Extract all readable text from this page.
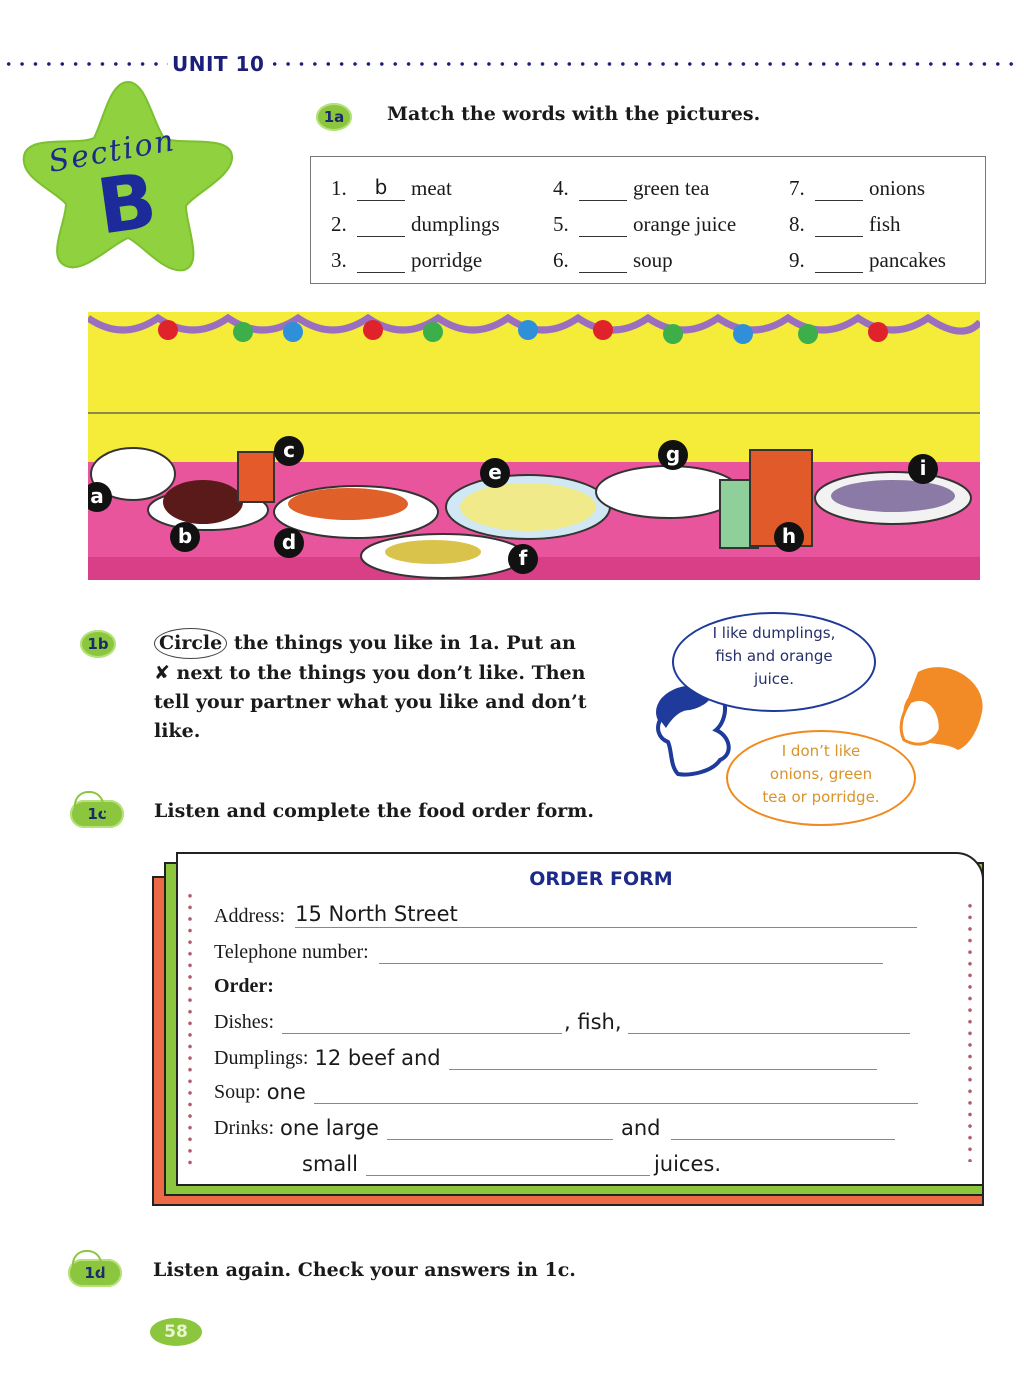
UNIT 10
Section
B
1a	Match the words with the pictures.
1.	b	meat	4.	green tea	7.	onions
2.	dumplings	5.	orange juice	8.	fish
3.	porridge	6.	soup	9.	pancakes
a
b
c
d
e
f
g
h
i
1b	Circle the things you like in 1a. Put an
✘ next to the things you don’t like. Then
tell your partner what you like and don’t
like.
I like dumplings,
fish and orange
juice.
I don’t like
onions, green
tea or porridge.
1c	Listen and complete the food order form.
ORDER FORM
Address: 15 North Street
Telephone number:
Order:
Dishes:	, fish,
Dumplings: 12 beef and
Soup: one
Drinks: one large	and
small	juices.
1d	Listen again. Check your answers in 1c.
58
